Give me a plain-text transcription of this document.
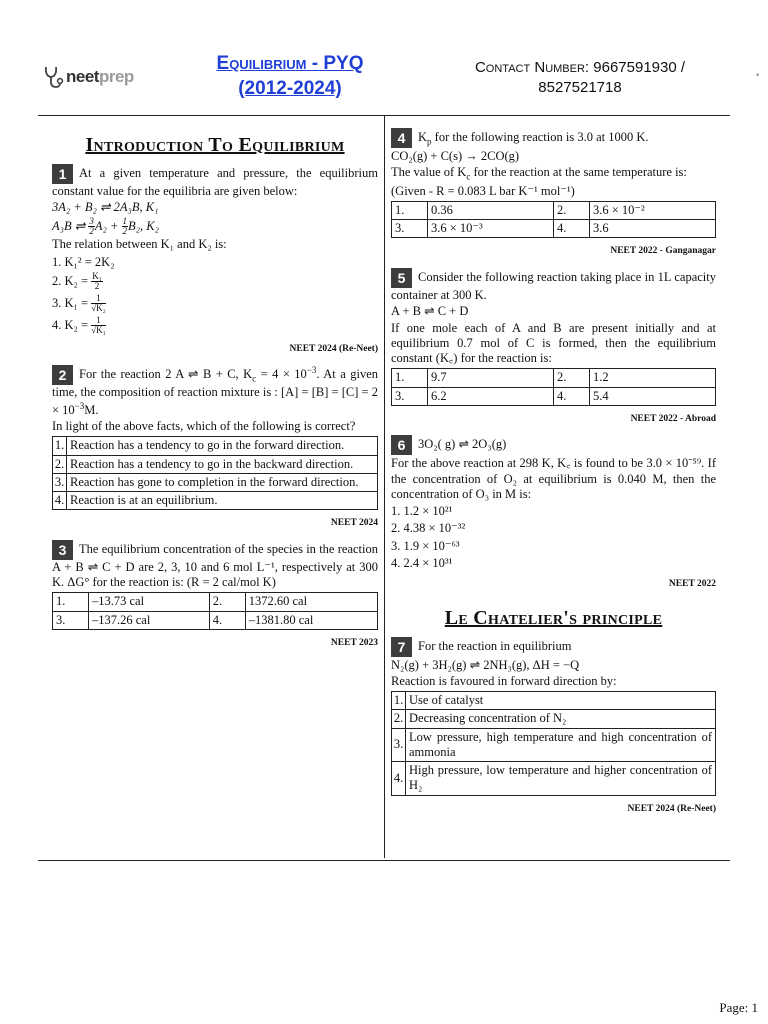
neetprep
Equilibrium - PYQ
(2012-2024)
Contact Number: 9667591930 /
8527521718
•
Introduction To Equilibrium

1 At a given temperature and pressure, the equilibrium constant value for the equilibria are given below:

3A₂ + B₂ ⇌ 2A₃B, K₁

A₃B ⇌ $\frac{3}{2} A_2 + \frac{1}{2} B_2$, K₂

The relation between K₁ and K₂ is:

1. K₁² = 2K₂

2. $K_2 = \frac{\text{K₁}}{2}$

3. $K_1 = \frac{1}{\text{√K₂}}$

4. $K_2 = \frac{1}{\text{√K₁}}$

NEET 2024 (Re-Neet)

2 For the reaction 2 A ⇌ B + C, $K_c = 4 \times 10^{-3}$. At a given time, the composition of reaction mixture is : $[A] = [B] = [C] = 2 \times 10^{-3}M$.

In light of the above facts, which of the following is correct?

1.	Reaction has a tendency to go in the forward direction.
2.	Reaction has a tendency to go in the backward direction.
3.	Reaction has gone to completion in the forward direction.
4.	Reaction is at an equilibrium.
NEET 2024

3 The equilibrium concentration of the species in the reaction A + B ⇌ C + D are 2, 3, 10 and 6 mol L⁻¹, respectively at 300 K. ΔG° for the reaction is: (R = 2 cal/mol K)

1.	–13.73 cal	2.	1372.60 cal
3.	–137.26 cal	4.	–1381.80 cal
NEET 2023

4 $K_p$ for the following reaction is 3.0 at 1000 K.

CO₂(g) + C(s) → 2CO(g)

The value of $K_c$ for the reaction at the same temperature is:

(Given - R = 0.083 L bar K⁻¹ mol⁻¹)

1.	0.36	2.	3.6 × 10⁻²
3.	3.6 × 10⁻³	4.	3.6
NEET 2022 - Ganganagar

5 Consider the following reaction taking place in 1L capacity container at 300 K.

A + B ⇌ C + D

If one mole each of A and B are present initially and at equilibrium 0.7 mol of C is formed, then the equilibrium constant (K꜀) for the reaction is:

1.	9.7	2.	1.2
3.	6.2	4.	5.4
NEET 2022 - Abroad

6 3O₂( g) ⇌ 2O₃(g)

For the above reaction at 298 K, K꜀ is found to be 3.0 × 10⁻⁵⁹. If the concentration of O₂ at equilibrium is 0.040 M, then the concentration of O₃ in M is:

1. 1.2 × 10²¹

2. 4.38 × 10⁻³²

3. 1.9 × 10⁻⁶³

4. 2.4 × 10³¹

NEET 2022
Le Chatelier's principle

7 For the reaction in equilibrium

N₂(g) + 3H₂(g) ⇌ 2NH₃(g), ΔH = −Q

Reaction is favoured in forward direction by:

1.	Use of catalyst
2.	Decreasing concentration of N₂
3.	Low pressure, high temperature and high concentration of ammonia
4.	High pressure, low temperature and higher concentration of H₂
NEET 2024 (Re-Neet)
Page: 1
